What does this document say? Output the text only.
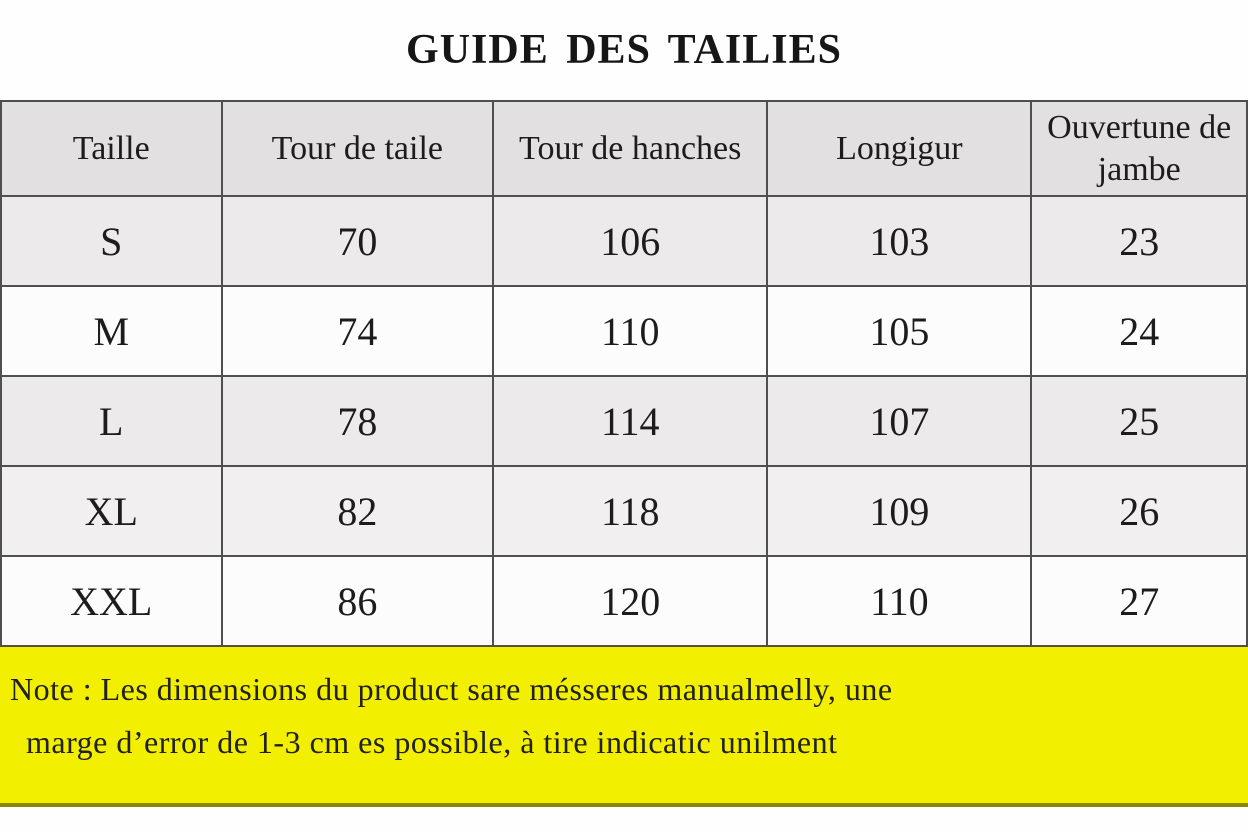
GUIDE DES TAILIES
Taille	Tour de taile	Tour de hanches	Longigur	Ouvertune de jambe
S	70	106	103	23
M	74	110	105	24
L	78	114	107	25
XL	82	118	109	26
XXL	86	120	110	27
Note : Les dimensions du product sare mésseres manualmelly, une
marge d’error de 1-3 cm es possible, à tire indicatic unilment
